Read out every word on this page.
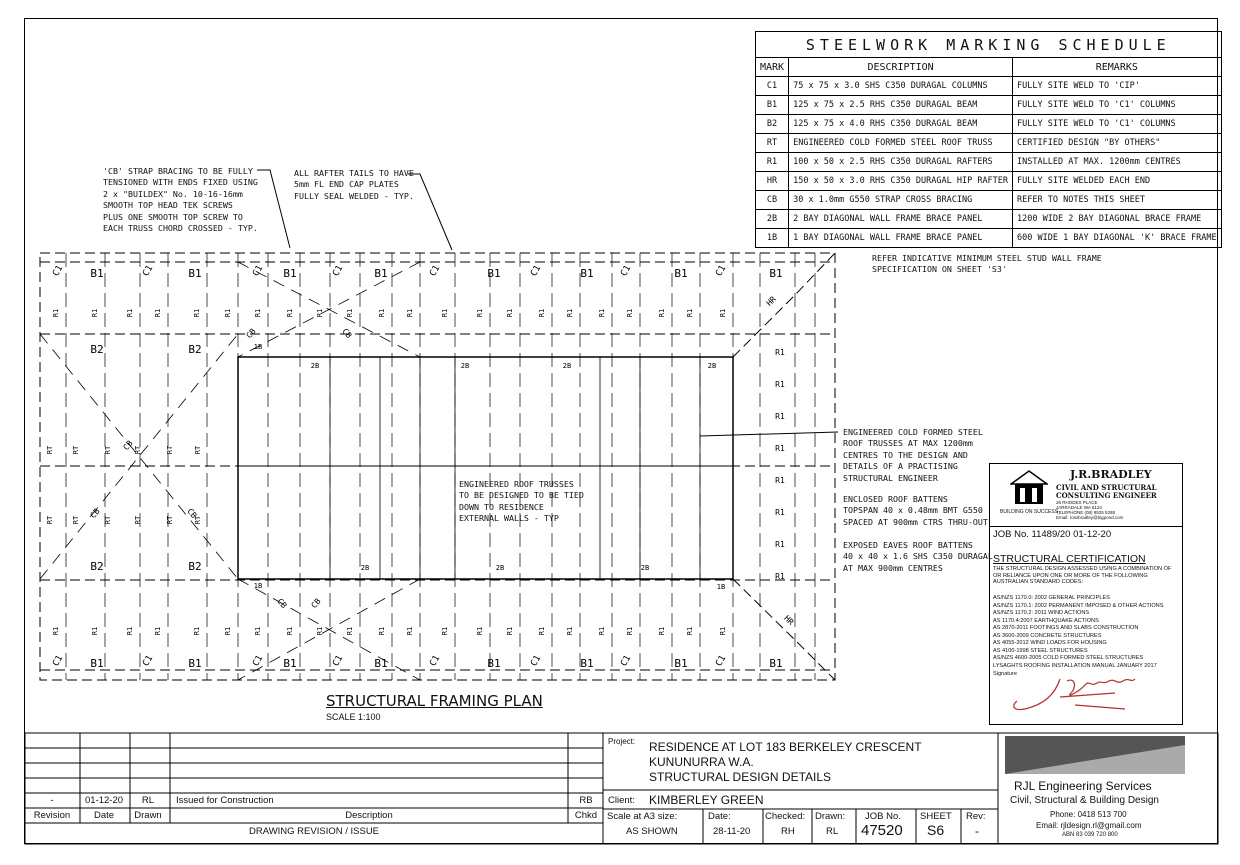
STEELWORK MARKING SCHEDULE		
MARK	DESCRIPTION	REMARKS
C1	75 x 75 x 3.0 SHS C350 DURAGAL COLUMNS	FULLY SITE WELD TO 'CIP'
B1	125 x 75 x 2.5 RHS C350 DURAGAL BEAM	FULLY SITE WELD TO 'C1' COLUMNS
B2	125 x 75 x 4.0 RHS C350 DURAGAL BEAM	FULLY SITE WELD TO 'C1' COLUMNS
RT	ENGINEERED COLD FORMED STEEL ROOF TRUSS	CERTIFIED DESIGN "BY OTHERS"
R1	100 x 50 x 2.5 RHS C350 DURAGAL RAFTERS	INSTALLED AT MAX. 1200mm CENTRES
HR	150 x 50 x 3.0 RHS C350 DURAGAL HIP RAFTER	FULLY SITE WELDED EACH END
CB	30 x 1.0mm G550 STRAP CROSS BRACING	REFER TO NOTES THIS SHEET
2B	2 BAY DIAGONAL WALL FRAME BRACE PANEL	1200 WIDE 2 BAY DIAGONAL BRACE FRAME
1B	1 BAY DIAGONAL WALL FRAME BRACE PANEL	600 WIDE 1 BAY DIAGONAL 'K' BRACE FRAME
'CB' STRAP BRACING TO BE FULLY
TENSIONED WITH ENDS FIXED USING
2 x "BUILDEX" No. 10-16-16mm
SMOOTH TOP HEAD TEK SCREWS
PLUS ONE SMOOTH TOP SCREW TO
EACH TRUSS CHORD CROSSED - TYP.
ALL RAFTER TAILS TO HAVE
5mm FL END CAP PLATES
FULLY SEAL WELDED - TYP.
REFER INDICATIVE MINIMUM STEEL STUD WALL FRAME
SPECIFICATION ON SHEET 'S3'
ENGINEERED ROOF TRUSSES
TO BE DESIGNED TO BE TIED
DOWN TO RESIDENCE
EXTERNAL WALLS - TYP
ENGINEERED COLD FORMED STEEL
ROOF TRUSSES AT MAX 1200mm
CENTRES TO THE DESIGN AND
DETAILS OF A PRACTISING
STRUCTURAL ENGINEER
ENCLOSED ROOF BATTENS
TOPSPAN 40 x 0.48mm BMT G550
SPACED AT 900mm CTRS THRU-OUT
EXPOSED EAVES ROOF BATTENS
40 x 40 x 1.6 SHS C350 DURAGAL
AT MAX 900mm CENTRES
B1	B1	B1	B1	B1	B1	B1	B1
B1	B1	B1	B1	B1	B1	B1	B1
B2
B2
B2
B2
C1
C1
C1
C1
C1
C1
C1
C1
C1
C1
C1
C1
C1
C1
C1
C1
R1
R1
R1
R1
R1
R1
R1
R1
R1
R1
R1
R1
R1
R1
R1
R1
R1
R1
R1
R1
R1
R1
R1
R1
R1
R1
R1
R1
R1
R1
R1
R1
R1
R1
R1
R1
R1
R1
R1
R1
R1
R1
R1
R1
RT
RT
RT
RT
RT
RT
RT
RT
RT
RT
RT
RT
R1
R1
R1
R1
R1
R1
R1
R1
CB
CB	CB
CB	CB
CB	CB
HR
HR
2B	2B	2B	2B
2B	2B
2B
1B
1B	1B
STRUCTURAL FRAMING PLAN
SCALE 1:100
BUILDING ON SUCCESS
J.R.BRADLEY
CIVIL AND STRUCTURAL
CONSULTING ENGINEER
26 RHODES PLACE
JARRADALE WA 6124
TELEPHONE (08) 9525 5288
Email: rossbradley@bigpond.com
JOB No. 11489/20 01-12-20
STRUCTURAL CERTIFICATION
THE STRUCTURAL DESIGN ASSESSED USING A COMBINATION OF OR RELIANCE UPON ONE OR MORE OF THE FOLLOWING AUSTRALIAN STANDARD CODES:
AS/NZS 1170.0: 2002 GENERAL PRINCIPLES
AS/NZS 1170.1: 2002 PERMANENT IMPOSED & OTHER ACTIONS
AS/NZS 1170.2: 2011 WIND ACTIONS
AS 1170.4:2007 EARTHQUAKE ACTIONS
AS 2870-2011 FOOTINGS AND SLABS CONSTRUCTION
AS 3600-2009 CONCRETE STRUCTURES
AS 4055-2012 WIND LOADS FOR HOUSING
AS 4100-1998 STEEL STRUCTURES
AS/NZS 4600-2005 COLD FORMED STEEL STRUCTURES
LYSAGHTS ROOFING INSTALLATION MANUAL JANUARY 2017
Signature
-	01-12-20	RL	Issued for Construction	RB
Revision	Date	Drawn	Description	Chkd
DRAWING REVISION / ISSUE
Project: RESIDENCE AT LOT 183 BERKELEY CRESCENT
KUNUNURRA W.A.
STRUCTURAL DESIGN DETAILS
Client: KIMBERLEY GREEN
Scale at A3 size:
AS SHOWN
Date:
28-11-20
Checked:
RH
Drawn:
RL
JOB No.
47520
SHEET
S6
Rev:
-
RJL Engineering Services
Civil, Structural & Building Design
Phone: 0418 513 700
Email: rjldesign.rl@gmail.com
ABN 83 039 720 800
